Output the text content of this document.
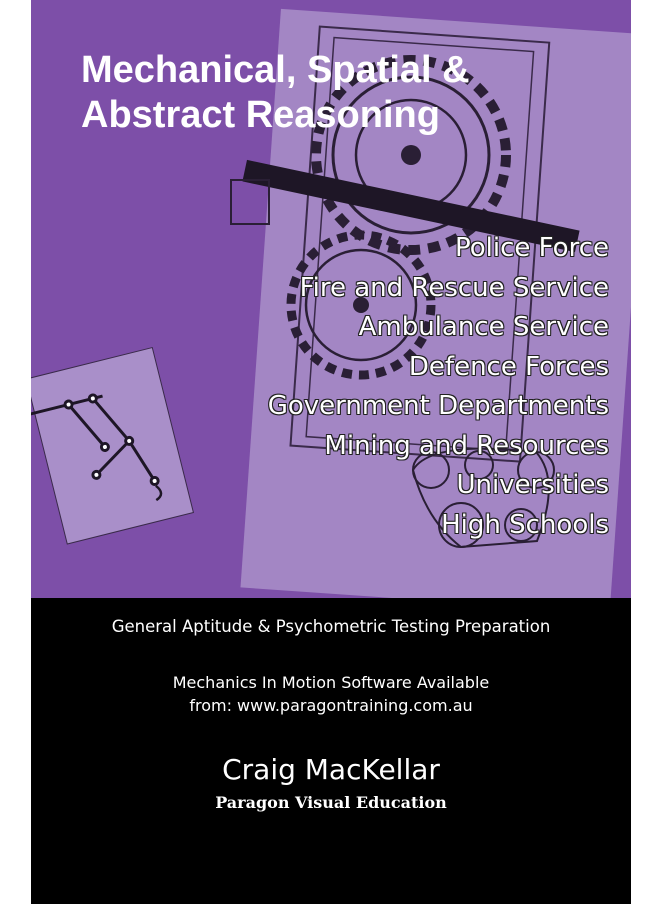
Mechanical, Spatial &
Abstract Reasoning
Police Force
Fire and Rescue Service
Ambulance Service
Defence Forces
Government Departments
Mining and Resources
Universities
High Schools
General Aptitude & Psychometric Testing Preparation
Mechanics In Motion Software Available
from: www.paragontraining.com.au
Craig MacKellar
Paragon Visual Education
